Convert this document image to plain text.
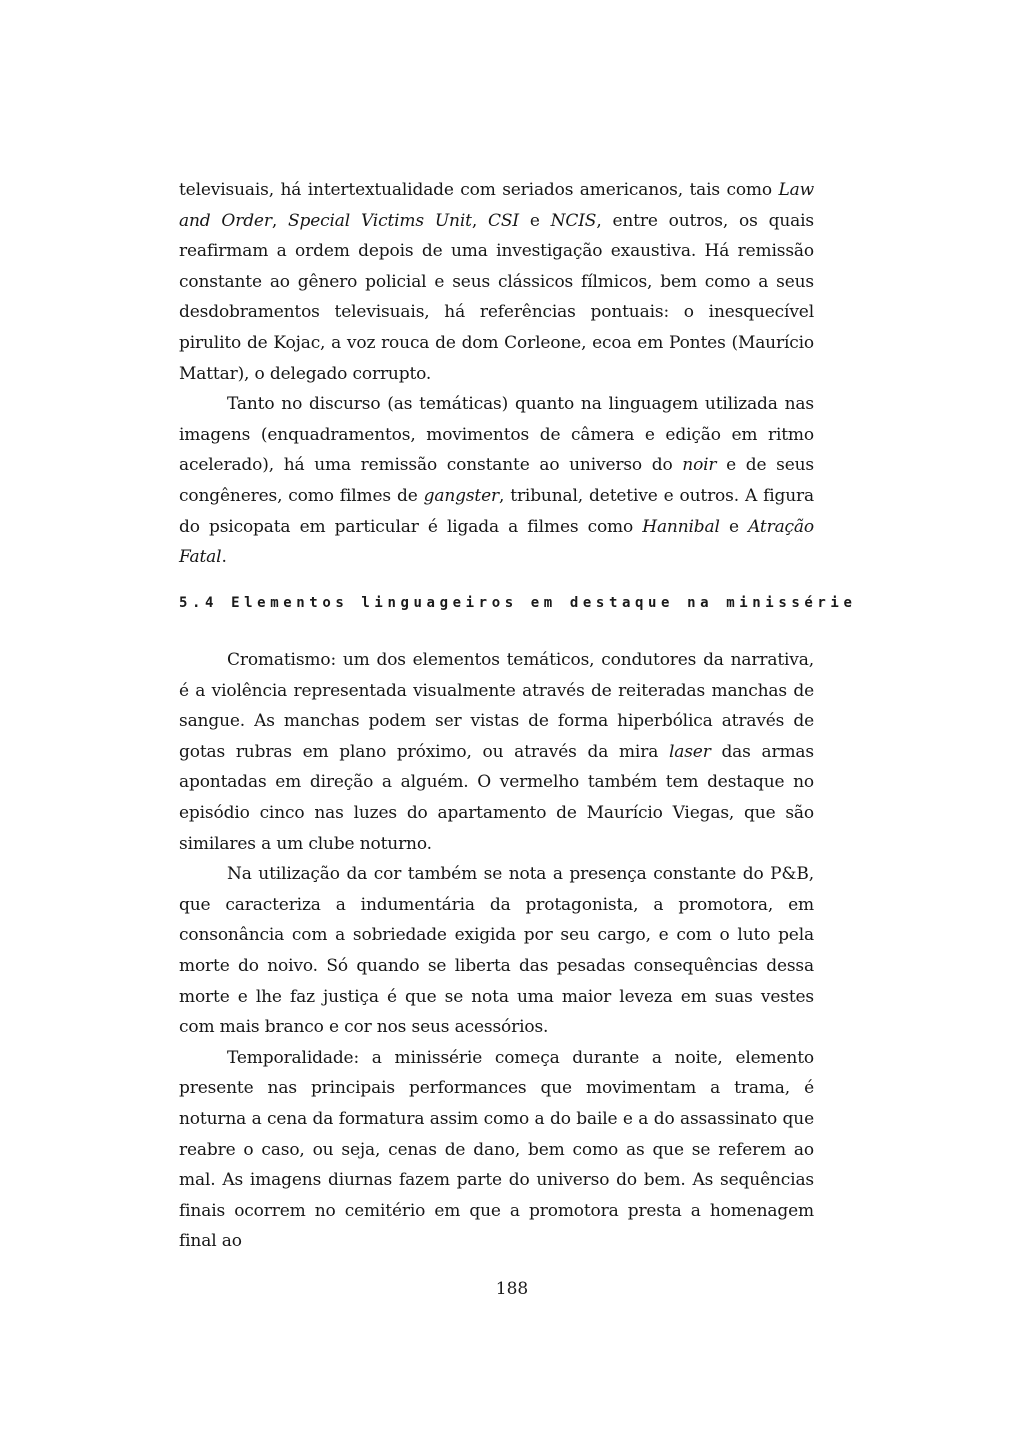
televisuais, há intertextualidade com seriados americanos, tais como Law and Order, Special Victims Unit, CSI e NCIS, entre outros, os quais reafirmam a ordem depois de uma investigação exaustiva. Há remissão constante ao gênero policial e seus clássicos fílmicos, bem como a seus desdobramentos televisuais, há referências pontuais: o inesquecível pirulito de Kojac, a voz rouca de dom Corleone, ecoa em Pontes (Maurício Mattar), o delegado corrupto.

Tanto no discurso (as temáticas) quanto na linguagem utilizada nas imagens (enquadramentos, movimentos de câmera e edição em ritmo acelerado), há uma remissão constante ao universo do noir e de seus congêneres, como filmes de gangster, tribunal, detetive e outros. A figura do psicopata em particular é ligada a filmes como Hannibal e Atração Fatal.

5.4 Elementos linguageiros em destaque na minissérie

Cromatismo: um dos elementos temáticos, condutores da narrativa, é a violência representada visualmente através de reiteradas manchas de sangue. As manchas podem ser vistas de forma hiperbólica através de gotas rubras em plano próximo, ou através da mira laser das armas apontadas em direção a alguém. O vermelho também tem destaque no episódio cinco nas luzes do apartamento de Maurício Viegas, que são similares a um clube noturno.

Na utilização da cor também se nota a presença constante do P&B, que caracteriza a indumentária da protagonista, a promotora, em consonância com a sobriedade exigida por seu cargo, e com o luto pela morte do noivo. Só quando se liberta das pesadas consequências dessa morte e lhe faz justiça é que se nota uma maior leveza em suas vestes com mais branco e cor nos seus acessórios.

Temporalidade: a minissérie começa durante a noite, elemento presente nas principais performances que movimentam a trama, é noturna a cena da formatura assim como a do baile e a do assassinato que reabre o caso, ou seja, cenas de dano, bem como as que se referem ao mal. As imagens diurnas fazem parte do universo do bem. As sequências finais ocorrem no cemitério em que a promotora presta a homenagem final ao

188
